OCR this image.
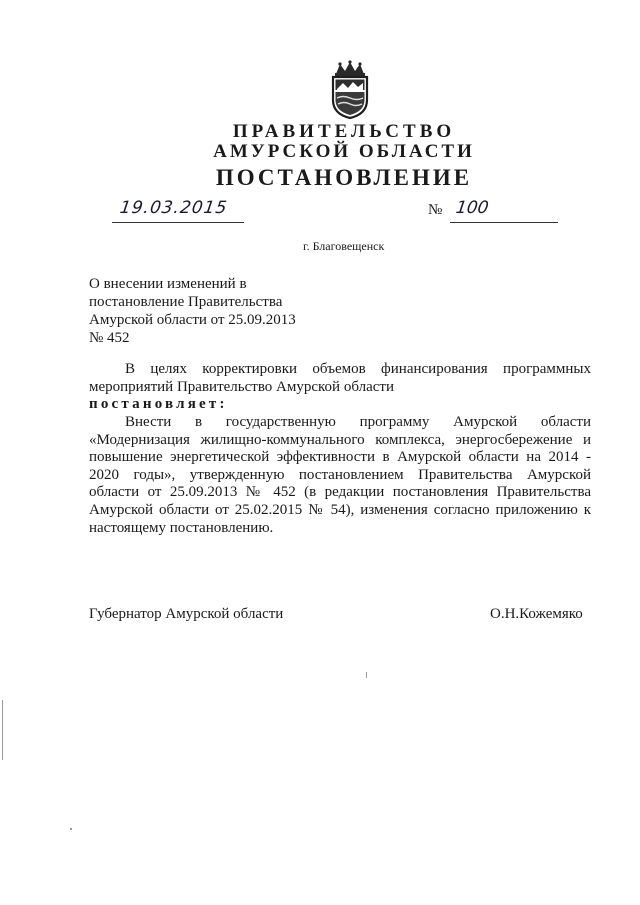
ПРАВИТЕЛЬСТВО
АМУРСКОЙ ОБЛАСТИ
ПОСТАНОВЛЕНИЕ
19.03.2015	№ 100
г. Благовещенск
О внесении изменений в
постановление Правительства
Амурской области от 25.09.2013
№ 452
В целях корректировки объемов финансирования программных
мероприятий Правительство Амурской области
постановляет:
Внести в государственную программу Амурской области
«Модернизация жилищно-коммунального комплекса, энергосбережение и
повышение энергетической эффективности в Амурской области на 2014 -
2020 годы», утвержденную постановлением Правительства Амурской
области от 25.09.2013 № 452 (в редакции постановления Правительства
Амурской области от 25.02.2015 № 54), изменения согласно приложению к
настоящему постановлению.
Губернатор Амурской области	О.Н.Кожемяко
